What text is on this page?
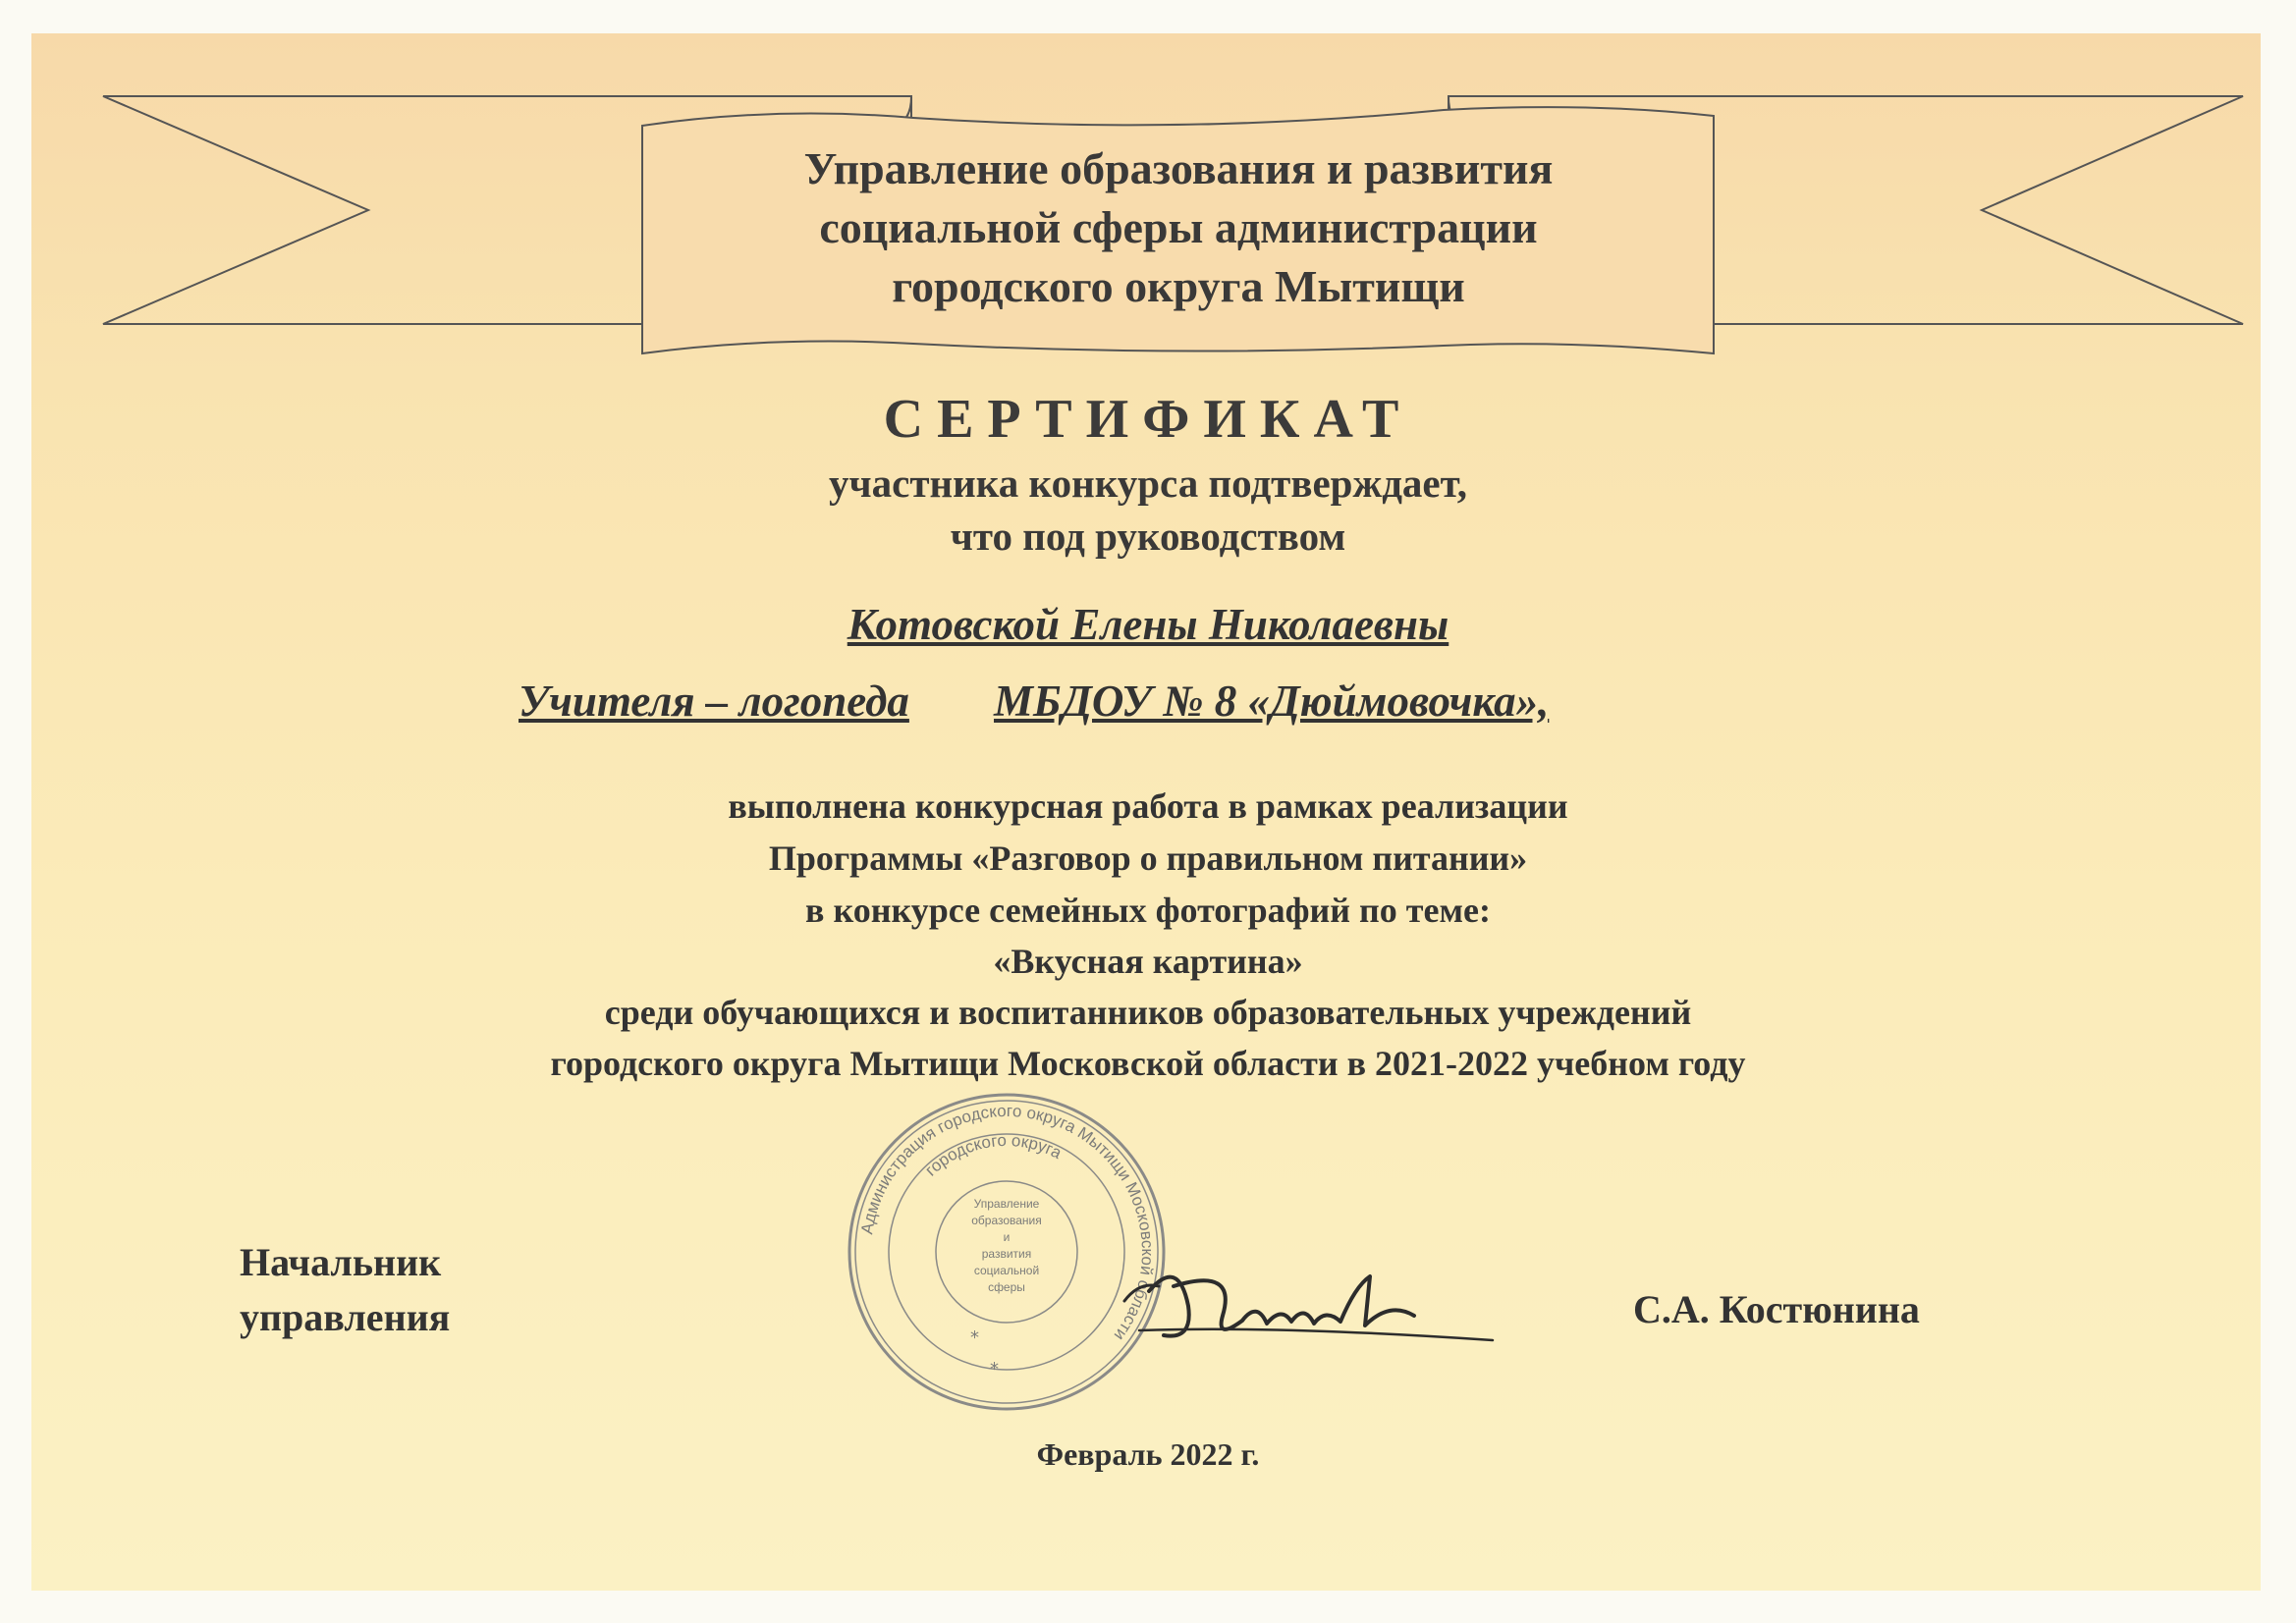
Управление образования и развития
социальной сферы администрации
городского округа Мытищи
СЕРТИФИКАТ
участника конкурса подтверждает,
что под руководством
Котовской Елены Николаевны
Учителя – логопеда МБДОУ № 8 «Дюймовочка»,
выполнена конкурсная работа в рамках реализации
Программы «Разговор о правильном питании»
в конкурсе семейных фотографий по теме:
«Вкусная картина»
среди обучающихся и воспитанников образовательных учреждений
городского округа Мытищи Московской области в 2021-2022 учебном году
Администрация городского округа Мытищи Московской области
городского округа
Управление
образования
и
развития
социальной
сферы
*
*
Начальник
управления	С.А. Костюнина
Февраль 2022 г.
